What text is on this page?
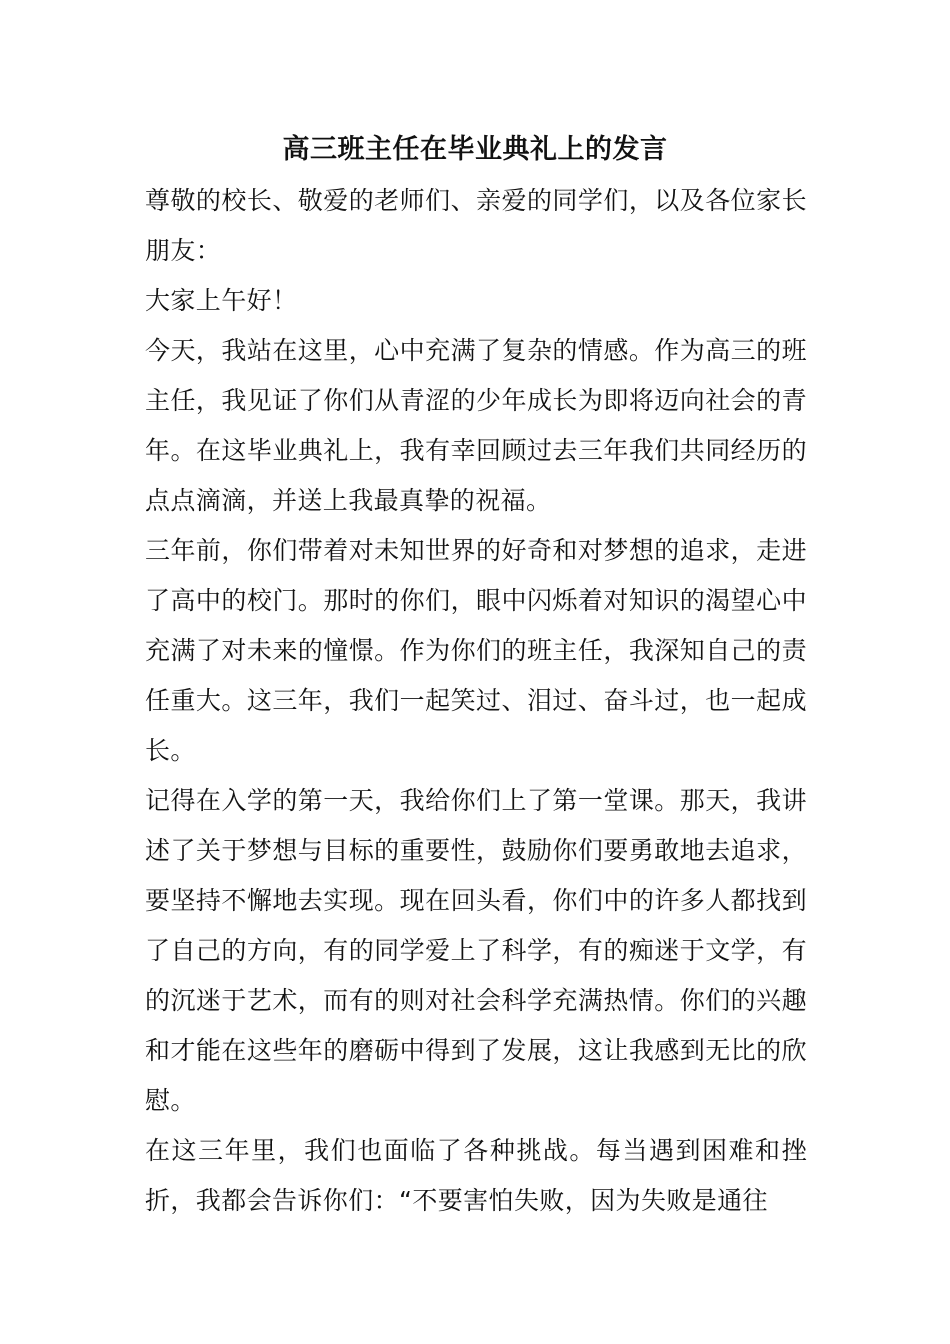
高三班主任在毕业典礼上的发言

尊敬的校长、敬爱的老师们、亲爱的同学们，以及各位家长朋友：

大家上午好！

今天，我站在这里，心中充满了复杂的情感。作为高三的班主任，我见证了你们从青涩的少年成长为即将迈向社会的青年。在这毕业典礼上，我有幸回顾过去三年我们共同经历的点点滴滴，并送上我最真挚的祝福。

三年前，你们带着对未知世界的好奇和对梦想的追求，走进了高中的校门。那时的你们，眼中闪烁着对知识的渴望心中充满了对未来的憧憬。作为你们的班主任，我深知自己的责任重大。这三年，我们一起笑过、泪过、奋斗过，也一起成长。

记得在入学的第一天，我给你们上了第一堂课。那天，我讲述了关于梦想与目标的重要性，鼓励你们要勇敢地去追求，要坚持不懈地去实现。现在回头看，你们中的许多人都找到了自己的方向，有的同学爱上了科学，有的痴迷于文学，有的沉迷于艺术，而有的则对社会科学充满热情。你们的兴趣和才能在这些年的磨砺中得到了发展，这让我感到无比的欣慰。

在这三年里，我们也面临了各种挑战。每当遇到困难和挫折，我都会告诉你们：“不要害怕失败，因为失败是通往
